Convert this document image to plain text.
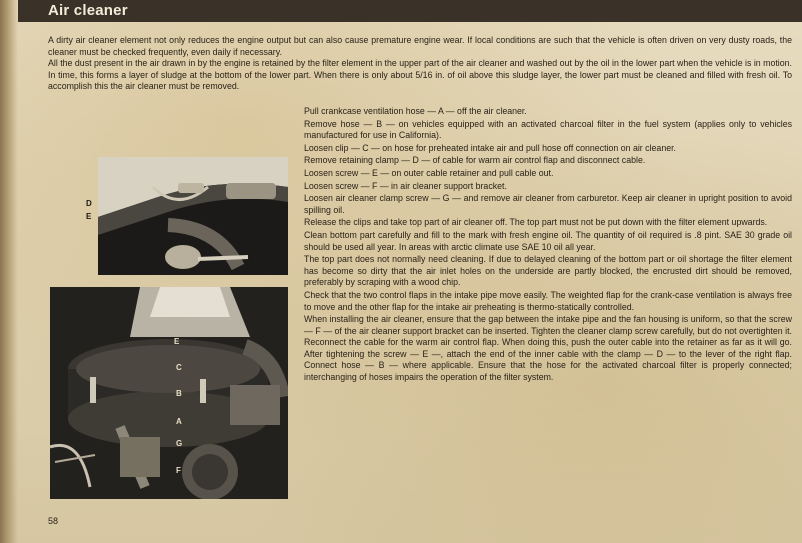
Air cleaner

A dirty air cleaner element not only reduces the engine output but can also cause premature engine wear. If local conditions are such that the vehicle is often driven on very dusty roads, the cleaner must be checked frequently, even daily if necessary.

All the dust present in the air drawn in by the engine is retained by the filter element in the upper part of the air cleaner and washed out by the oil in the lower part when the vehicle is in motion. In time, this forms a layer of sludge at the bottom of the lower part. When there is only about 5/16 in. of oil above this sludge layer, the lower part must be cleaned and filled with fresh oil. To accomplish this the air cleaner must be removed.

D
E
D
E
C
B
A
G
F
Pull crankcase ventilation hose — A — off the air cleaner.
Remove hose — B — on vehicles equipped with an activated charcoal filter in the fuel system (applies only to vehicles manufactured for use in California).
Loosen clip — C — on hose for preheated intake air and pull hose off connection on air cleaner.
Remove retaining clamp — D — of cable for warm air control flap and disconnect cable.
Loosen screw — E — on outer cable retainer and pull cable out.
Loosen screw — F — in air cleaner support bracket.
Loosen air cleaner clamp screw — G — and remove air cleaner from carburetor. Keep air cleaner in upright position to avoid spilling oil.
Release the clips and take top part of air cleaner off. The top part must not be put down with the filter element upwards.
Clean bottom part carefully and fill to the mark with fresh engine oil. The quantity of oil required is .8 pint. SAE 30 grade oil should be used all year. In areas with arctic climate use SAE 10 oil all year.
The top part does not normally need cleaning. If due to delayed cleaning of the bottom part or oil shortage the filter element has become so dirty that the air inlet holes on the underside are partly blocked, the encrusted dirt should be removed, preferably by scraping with a wood chip.
Check that the two control flaps in the intake pipe move easily. The weighted flap for the crank-case ventilation is always free to move and the other flap for the intake air preheating is thermo-statically controlled.
When installing the air cleaner, ensure that the gap between the intake pipe and the fan housing is uniform, so that the screw — F — of the air cleaner support bracket can be inserted. Tighten the cleaner clamp screw carefully, but do not overtighten it. Reconnect the cable for the warm air control flap. When doing this, push the outer cable into the retainer as far as it will go. After tightening the screw — E —, attach the end of the inner cable with the clamp — D — to the lever of the right flap. Connect hose — B — where applicable. Ensure that the hose for the activated charcoal filter is properly connected; interchanging of hoses impairs the operation of the filter system.
58
